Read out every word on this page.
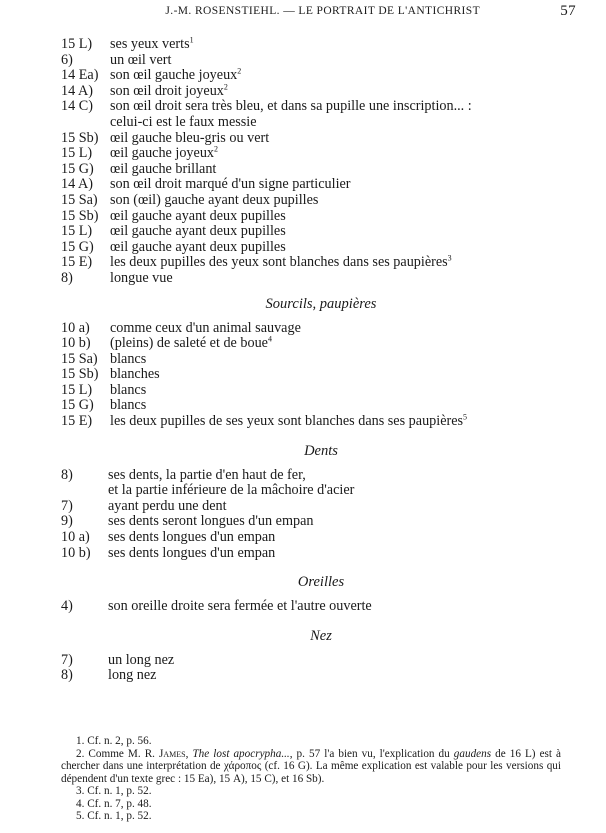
J.-M. ROSENSTIEHL. — LE PORTRAIT DE L'ANTICHRIST	57
15 L) ses yeux verts$^1$
6)	un œil vert
14 Ea) son œil gauche joyeux$^2$
14 A) son œil droit joyeux$^2$
14 C) son œil droit sera très bleu, et dans sa pupille une inscription... :
celui-ci est le faux messie
15 Sb) œil gauche bleu-gris ou vert
15 L) œil gauche joyeux$^2$
15 G) œil gauche brillant
14 A) son œil droit marqué d'un signe particulier
15 Sa) son (œil) gauche ayant deux pupilles
15 Sb) œil gauche ayant deux pupilles
15 L) œil gauche ayant deux pupilles
15 G) œil gauche ayant deux pupilles
15 E) les deux pupilles des yeux sont blanches dans ses paupières$^3$
8)	longue vue
Sourcils, paupières
10 a) comme ceux d'un animal sauvage
10 b) (pleins) de saleté et de boue$^4$
15 Sa) blancs
15 Sb) blanches
15 L) blancs
15 G) blancs
15 E) les deux pupilles de ses yeux sont blanches dans ses paupières$^5$
Dents
8) ses dents, la partie d'en haut de fer,
et la partie inférieure de la mâchoire d'acier
7) ayant perdu une dent
9) ses dents seront longues d'un empan
10 a) ses dents longues d'un empan
10 b) ses dents longues d'un empan
Oreilles
4) son oreille droite sera fermée et l'autre ouverte
Nez
7) un long nez
8) long nez
1. Cf. n. 2, p. 56.
2. Comme M. R. James, The lost apocrypha..., p. 57 l'a bien vu, l'explication du gaudens de 16 L) est à chercher dans une interprétation de χάροπος (cf. 16 G). La même explication est valable pour les versions qui dépendent d'un texte grec : 15 Ea), 15 A), 15 C), et 16 Sb).
3. Cf. n. 1, p. 52.
4. Cf. n. 7, p. 48.
5. Cf. n. 1, p. 52.
